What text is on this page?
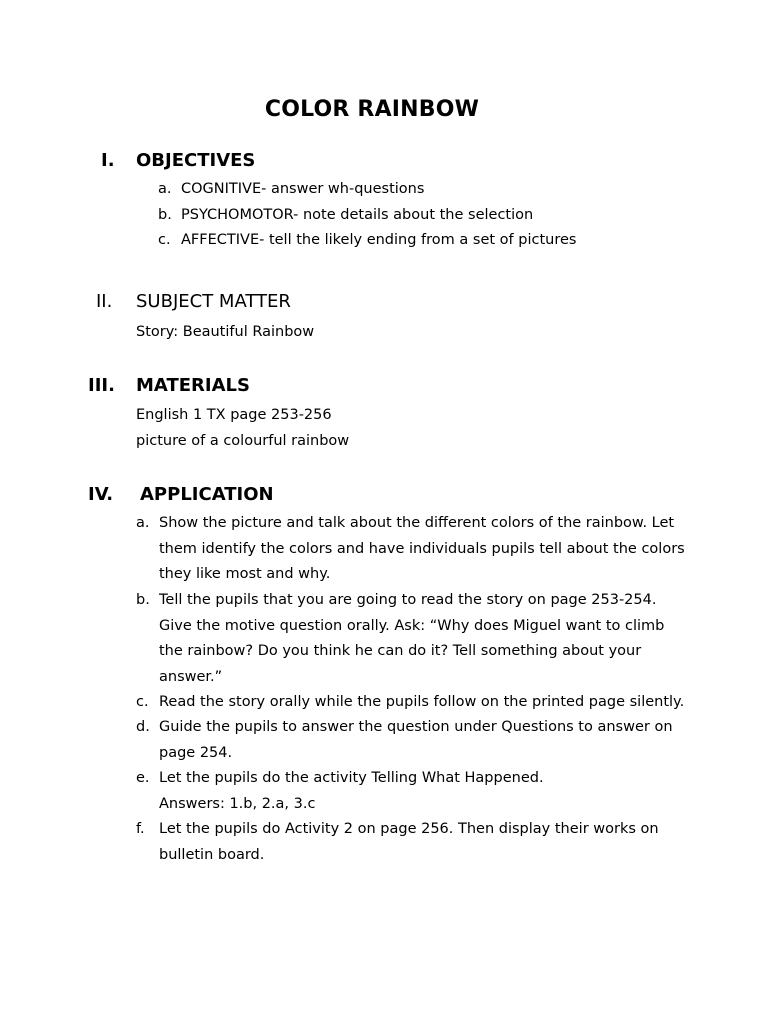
COLOR RAINBOW
I. OBJECTIVES
a. COGNITIVE- answer wh-questions
b. PSYCHOMOTOR- note details about the selection
c. AFFECTIVE- tell the likely ending from a set of pictures
II. SUBJECT MATTER
Story: Beautiful Rainbow
III. MATERIALS
English 1 TX page 253-256
picture of a colourful rainbow
IV. APPLICATION
a. Show the picture and talk about the different colors of the rainbow. Let
them identify the colors and have individuals pupils tell about the colors
they like most and why.
b. Tell the pupils that you are going to read the story on page 253-254.
Give the motive question orally. Ask: “Why does Miguel want to climb
the rainbow? Do you think he can do it? Tell something about your
answer.”
c. Read the story orally while the pupils follow on the printed page silently.
d. Guide the pupils to answer the question under Questions to answer on
page 254.
e. Let the pupils do the activity Telling What Happened.
Answers: 1.b, 2.a, 3.c
f. Let the pupils do Activity 2 on page 256. Then display their works on
bulletin board.
